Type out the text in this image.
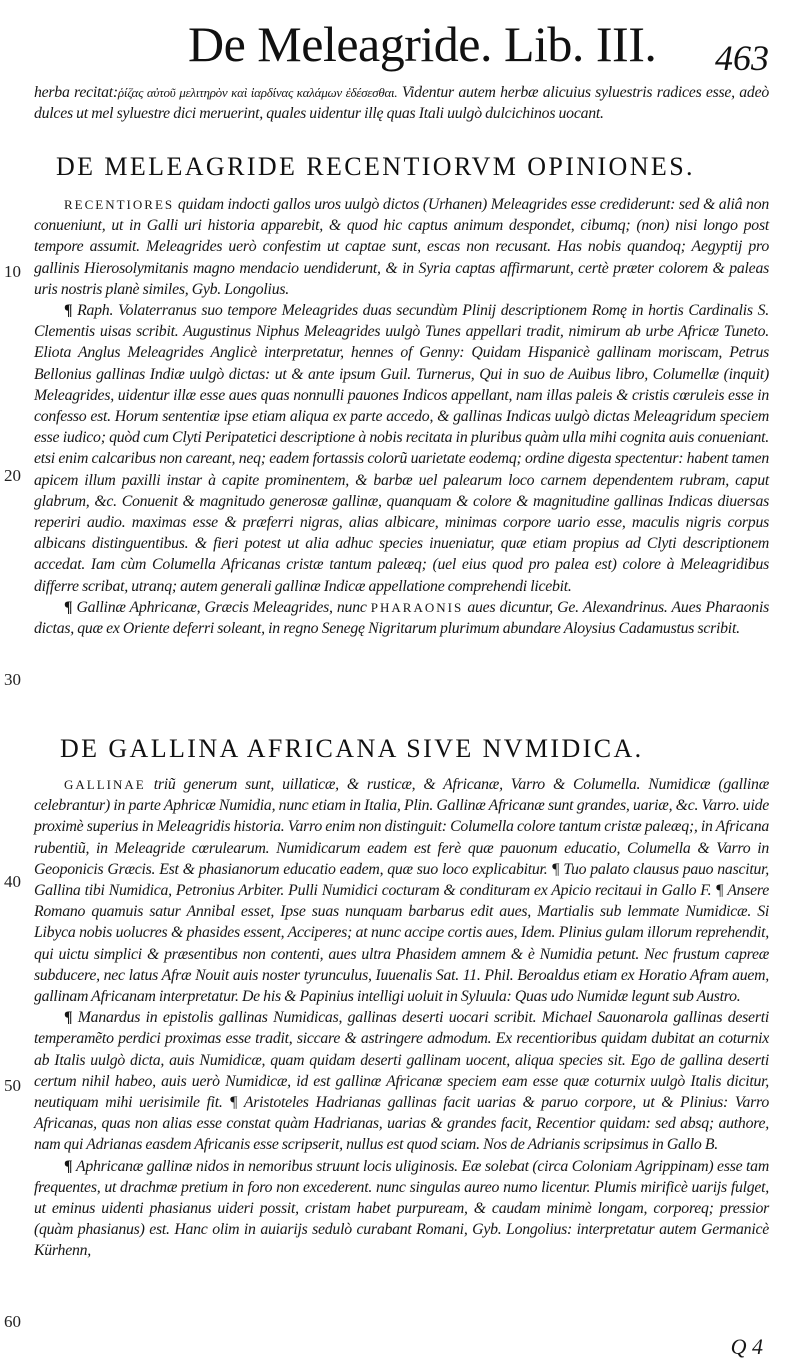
De Meleagride. Lib. III. 463

herba recitat:ῥίζας αὐτοῦ μελιτηρὸν καὶ ἰαρδίνας καλάμων ἐδέσεσθαι. Videntur autem herbæ alicuius syluestris radices esse, adeò dulces ut mel syluestre dici meruerint, quales uidentur illę quas Itali uulgò dulcichinos uocant.

DE MELEAGRIDE RECENTIORVM OPINIONES.

RECENTIORES quidam indocti gallos uros uulgò dictos (Urhanen) Meleagrides esse crediderunt: sed & aliâ non conueniunt, ut in Galli uri historia apparebit, & quod hic captus animum despondet, cibumq; (non) nisi longo post tempore assumit. Meleagrides uerò confestim ut captae sunt, escas non recusant. Has nobis quandoq; Aegyptij pro gallinis Hierosolymitanis magno mendacio uendiderunt, & in Syria captas affirmarunt, certè præter colorem & paleas uris nostris planè similes, Gyb. Longolius.

¶ Raph. Volaterranus suo tempore Meleagrides duas secundùm Plinij descriptionem Romę in hortis Cardinalis S. Clementis uisas scribit. Augustinus Niphus Meleagrides uulgò Tunes appellari tradit, nimirum ab urbe Africæ Tuneto. Eliota Anglus Meleagrides Anglicè interpretatur, hennes of Genny: Quidam Hispanicè gallinam moriscam, Petrus Bellonius gallinas Indiæ uulgò dictas: ut & ante ipsum Guil. Turnerus, Qui in suo de Auibus libro, Columellæ (inquit) Meleagrides, uidentur illæ esse aues quas nonnulli pauones Indicos appellant, nam illas paleis & cristis cœruleis esse in confesso est. Horum sententiæ ipse etiam aliqua ex parte accedo, & gallinas Indicas uulgò dictas Meleagridum speciem esse iudico; quòd cum Clyti Peripatetici descriptione à nobis recitata in pluribus quàm ulla mihi cognita auis conueniant. etsi enim calcaribus non careant, neq; eadem fortassis colorũ uarietate eodemq; ordine digesta spectentur: habent tamen apicem illum paxilli instar à capite prominentem, & barbæ uel palearum loco carnem dependentem rubram, caput glabrum, &c. Conuenit & magnitudo generosæ gallinæ, quanquam & colore & magnitudine gallinas Indicas diuersas reperiri audio. maximas esse & præferri nigras, alias albicare, minimas corpore uario esse, maculis nigris corpus albicans distinguentibus. & fieri potest ut alia adhuc species inueniatur, quæ etiam propius ad Clyti descriptionem accedat. Iam cùm Columella Africanas cristæ tantum paleæq; (uel eius quod pro palea est) colore à Meleagridibus differre scribat, utranq; autem generali gallinæ Indicæ appellatione comprehendi licebit.

¶ Gallinæ Aphricanæ, Græcis Meleagrides, nunc PHARAONIS aues dicuntur, Ge. Alexandrinus. Aues Pharaonis dictas, quæ ex Oriente deferri soleant, in regno Senegę Nigritarum plurimum abundare Aloysius Cadamustus scribit.

DE GALLINA AFRICANA SIVE NVMIDICA.

GALLINAE triũ generum sunt, uillaticæ, & rusticæ, & Africanæ, Varro & Columella. Numidicæ (gallinæ celebrantur) in parte Aphricæ Numidia, nunc etiam in Italia, Plin. Gallinæ Africanæ sunt grandes, uariæ, &c. Varro. uide proximè superius in Meleagridis historia. Varro enim non distinguit: Columella colore tantum cristæ paleæq;, in Africana rubentiũ, in Meleagride cœrulearum. Numidicarum eadem est ferè quæ pauonum educatio, Columella & Varro in Geoponicis Græcis. Est & phasianorum educatio eadem, quæ suo loco explicabitur. ¶ Tuo palato clausus pauo nascitur, Gallina tibi Numidica, Petronius Arbiter. Pulli Numidici cocturam & condituram ex Apicio recitaui in Gallo F. ¶ Ansere Romano quamuis satur Annibal esset, Ipse suas nunquam barbarus edit aues, Martialis sub lemmate Numidicæ. Si Libyca nobis uolucres & phasides essent, Acciperes; at nunc accipe cortis aues, Idem. Plinius gulam illorum reprehendit, qui uictu simplici & præsentibus non contenti, aues ultra Phasidem amnem & è Numidia petunt. Nec frustum capreæ subducere, nec latus Afræ Nouit auis noster tyrunculus, Iuuenalis Sat. 11. Phil. Beroaldus etiam ex Horatio Afram auem, gallinam Africanam interpretatur. De his & Papinius intelligi uoluit in Syluula: Quas udo Numidæ legunt sub Austro.

¶ Manardus in epistolis gallinas Numidicas, gallinas deserti uocari scribit. Michael Sauonarola gallinas deserti temperamẽto perdici proximas esse tradit, siccare & astringere admodum. Ex recentioribus quidam dubitat an coturnix ab Italis uulgò dicta, auis Numidicæ, quam quidam deserti gallinam uocent, aliqua species sit. Ego de gallina deserti certum nihil habeo, auis uerò Numidicæ, id est gallinæ Africanæ speciem eam esse quæ coturnix uulgò Italis dicitur, neutiquam mihi uerisimile fit. ¶ Aristoteles Hadrianas gallinas facit uarias & paruo corpore, ut & Plinius: Varro Africanas, quas non alias esse constat quàm Hadrianas, uarias & grandes facit, Recentior quidam: sed absq; authore, nam qui Adrianas easdem Africanis esse scripserit, nullus est quod sciam. Nos de Adrianis scripsimus in Gallo B.

¶ Aphricanæ gallinæ nidos in nemoribus struunt locis uliginosis. Eæ solebat (circa Coloniam Agrippinam) esse tam frequentes, ut drachmæ pretium in foro non excederent. nunc singulas aureo numo licentur. Plumis mirificè uarijs fulget, ut eminus uidenti phasianus uideri possit, cristam habet purpuream, & caudam minimè longam, corporeq; pressior (quàm phasianus) est. Hanc olim in auiarijs sedulò curabant Romani, Gyb. Longolius: interpretatur autem Germanicè Kürhenn,

10
20
30
40
50
60
Q 4
